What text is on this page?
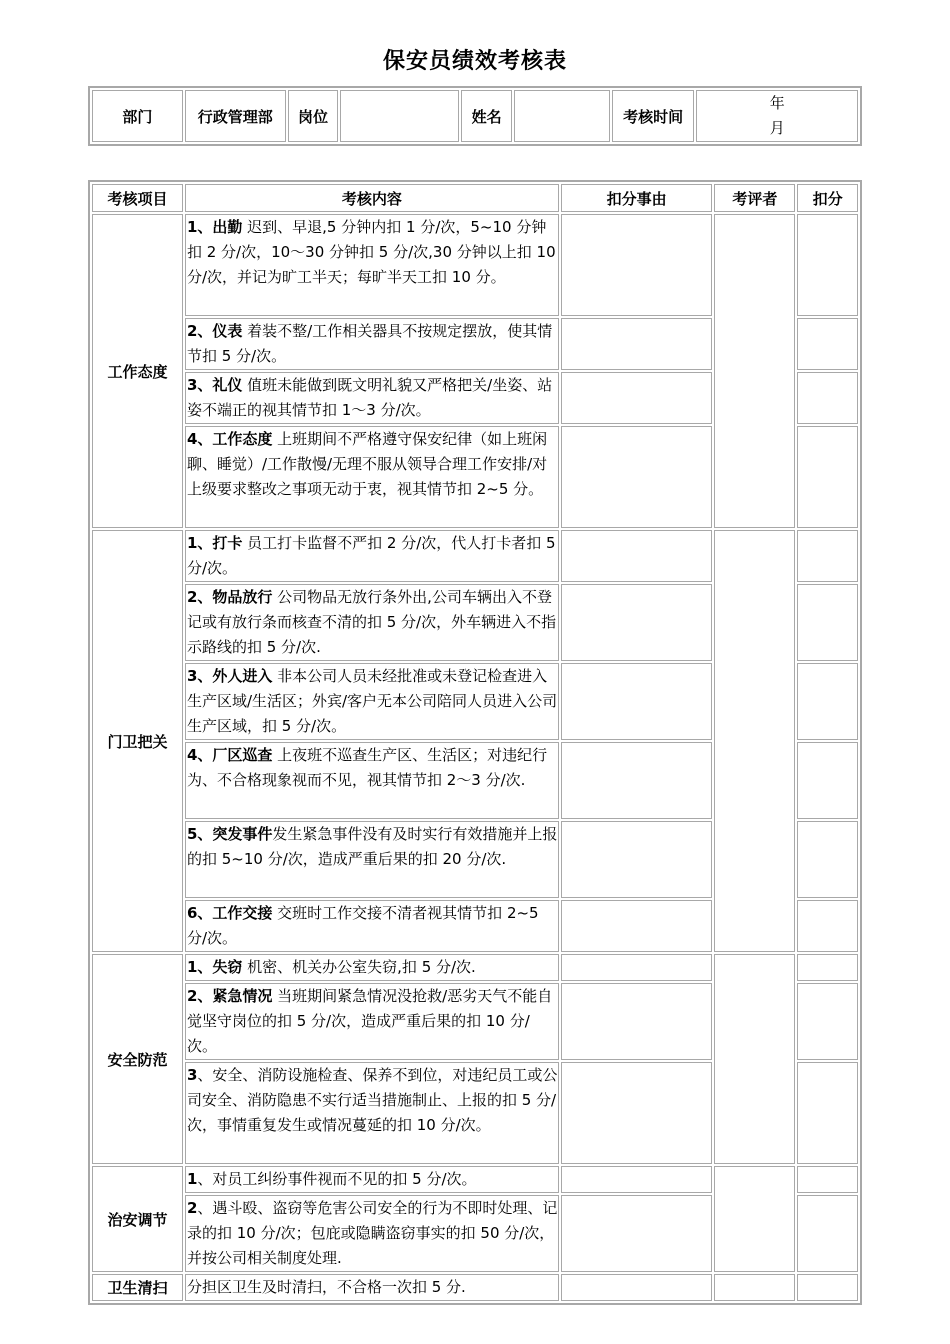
保安员绩效考核表
部门	行政管理部	岗位		姓名		考核时间	
年
月
考核项目	考核内容	扣分事由	考评者	扣分
工作态度	1、出勤 迟到、早退,5 分钟内扣 1 分/次，5~10 分钟扣 2 分/次，10～30 分钟扣 5 分/次,30 分钟以上扣 10 分/次，并记为旷工半天；每旷半天工扣 10 分。			
	2、仪表 着装不整/工作相关器具不按规定摆放，使其情节扣 5 分/次。			
	3、礼仪 值班未能做到既文明礼貌又严格把关/坐姿、站姿不端正的视其情节扣 1～3 分/次。			
	4、工作态度 上班期间不严格遵守保安纪律（如上班闲聊、睡觉）/工作散慢/无理不服从领导合理工作安排/对上级要求整改之事项无动于衷，视其情节扣 2~5 分。			
门卫把关	1、打卡 员工打卡监督不严扣 2 分/次，代人打卡者扣 5 分/次。			
	2、物品放行 公司物品无放行条外出,公司车辆出入不登记或有放行条而核查不清的扣 5 分/次，外车辆进入不指示路线的扣 5 分/次.			
	3、外人进入 非本公司人员未经批准或未登记检查进入生产区域/生活区；外宾/客户无本公司陪同人员进入公司生产区域，扣 5 分/次。			
	4、厂区巡查 上夜班不巡查生产区、生活区；对违纪行为、不合格现象视而不见，视其情节扣 2～3 分/次.			
	5、突发事件发生紧急事件没有及时实行有效措施并上报的扣 5~10 分/次，造成严重后果的扣 20 分/次.			
	6、工作交接 交班时工作交接不清者视其情节扣 2~5 分/次。			
安全防范	1、失窃 机密、机关办公室失窃,扣 5 分/次.			
	2、紧急情况 当班期间紧急情况没抢救/恶劣天气不能自觉坚守岗位的扣 5 分/次，造成严重后果的扣 10 分/次。			
	3、安全、消防设施检查、保养不到位，对违纪员工或公司安全、消防隐患不实行适当措施制止、上报的扣 5 分/次，事情重复发生或情况蔓延的扣 10 分/次。			
治安调节	1、对员工纠纷事件视而不见的扣 5 分/次。			
	2、遇斗殴、盗窃等危害公司安全的行为不即时处理、记录的扣 10 分/次；包庇或隐瞒盗窃事实的扣 50 分/次，并按公司相关制度处理.			
卫生清扫	分担区卫生及时清扫，不合格一次扣 5 分.			
